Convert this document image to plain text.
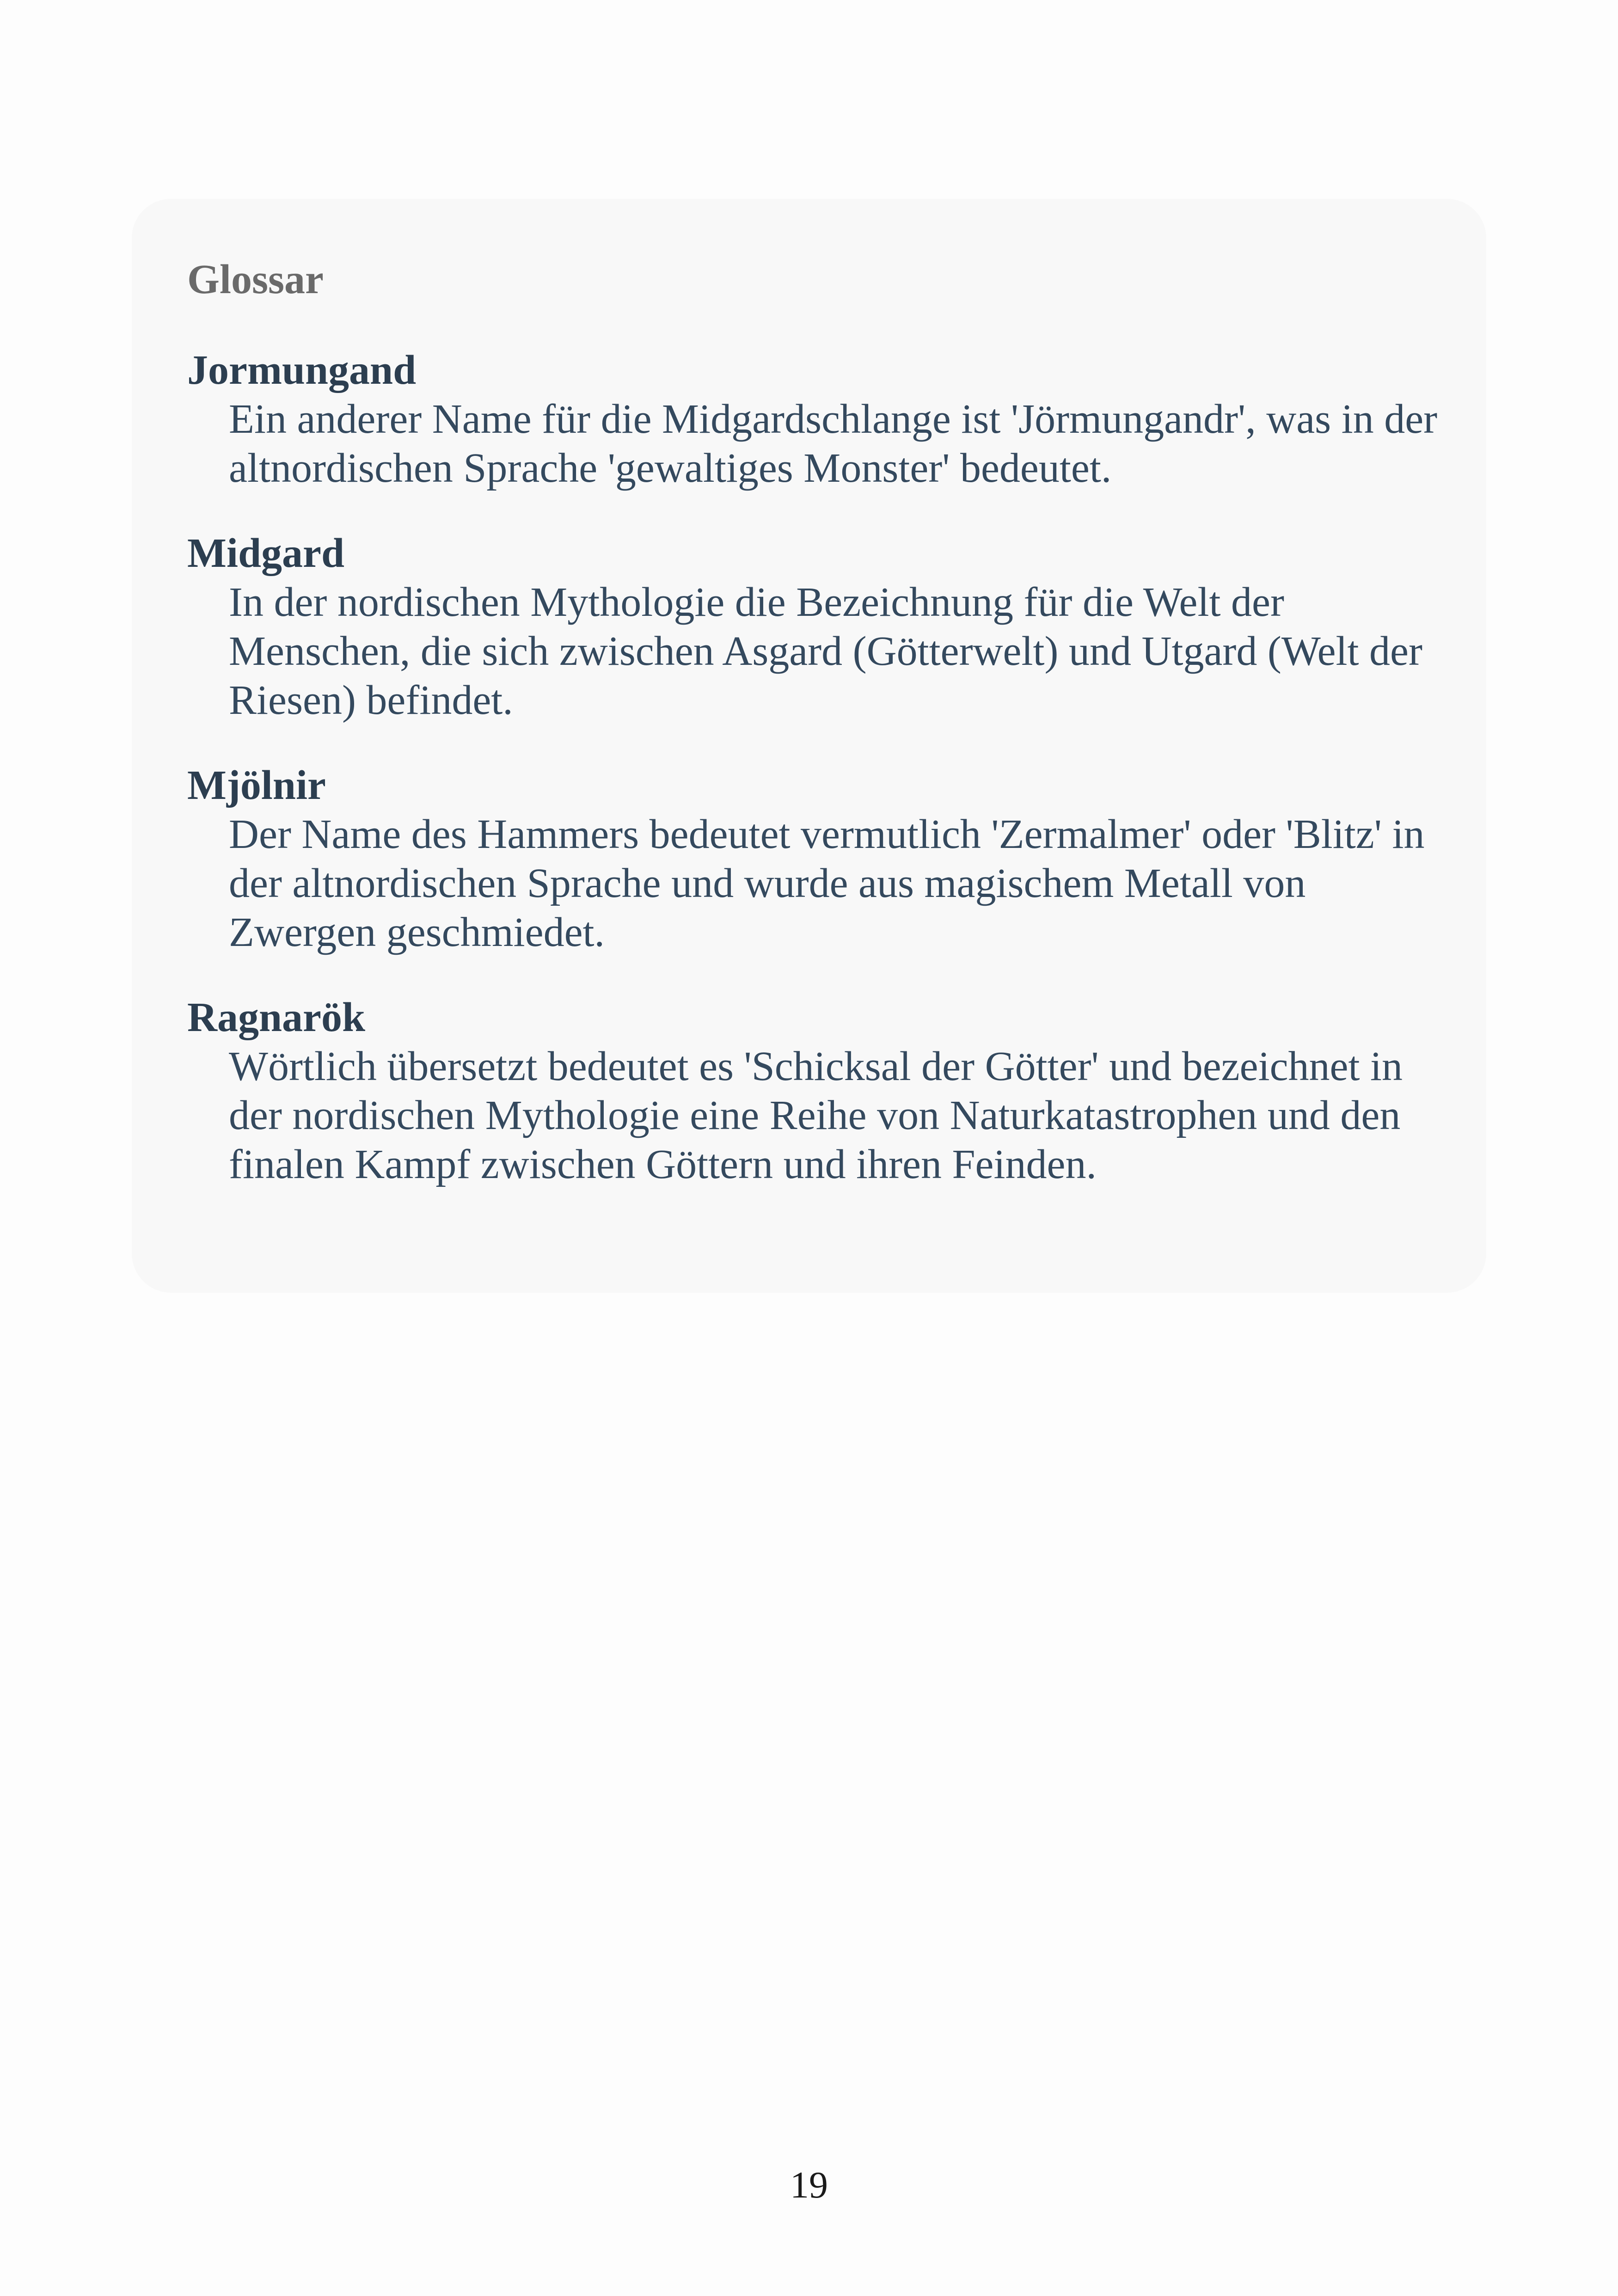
Glossar

Jormungand

Ein anderer Name für die Midgardschlange ist 'Jörmungandr', was in der altnordischen Sprache 'gewaltiges Monster' bedeutet.

Midgard

In der nordischen Mythologie die Bezeichnung für die Welt der Menschen, die sich zwischen Asgard (Götterwelt) und Utgard (Welt der Riesen) befindet.

Mjölnir

Der Name des Hammers bedeutet vermutlich 'Zermalmer' oder 'Blitz' in der altnordischen Sprache und wurde aus magischem Metall von Zwergen geschmiedet.

Ragnarök

Wörtlich übersetzt bedeutet es 'Schicksal der Götter' und bezeichnet in der nordischen Mythologie eine Reihe von Naturkatastrophen und den finalen Kampf zwischen Göttern und ihren Feinden.

19
